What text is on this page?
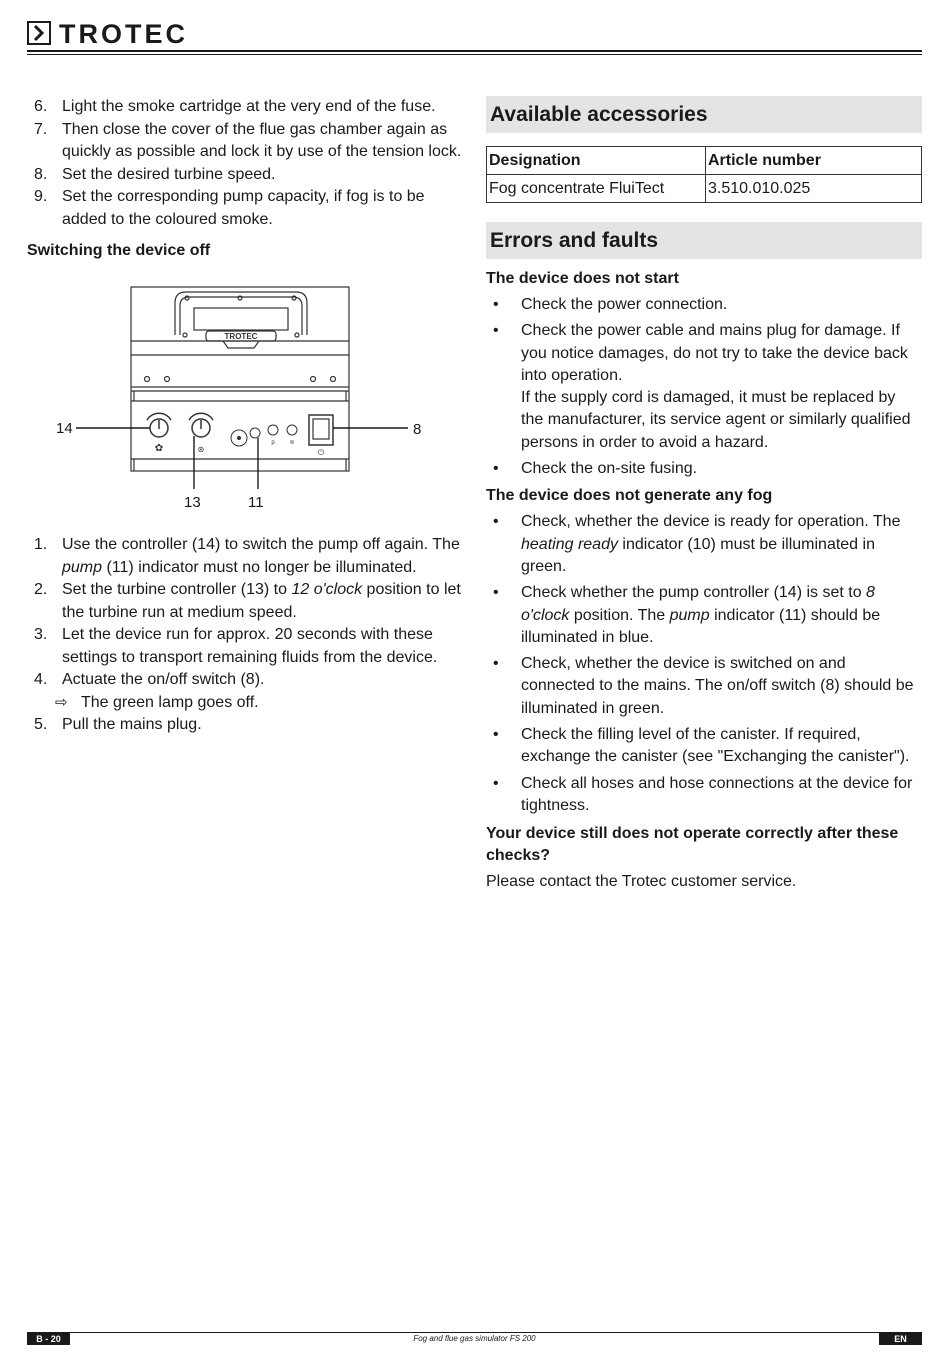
TROTEC
6. Light the smoke cartridge at the very end of the fuse.
7. Then close the cover of the flue gas chamber again as quickly as possible and lock it by use of the tension lock.
8. Set the desired turbine speed.
9. Set the corresponding pump capacity, if fog is to be added to the coloured smoke.

Switching the device off

1. Use the controller (14) to switch the pump off again. The pump (11) indicator must no longer be illuminated.
2. Set the turbine controller (13) to 12 o'clock position to let the turbine run at medium speed.
3. Let the device run for approx. 20 seconds with these settings to transport remaining fluids from the device.
4. Actuate the on/off switch (8).
⇨ The green lamp goes off.
5. Pull the mains plug.
TROTEC
✿	⊛
p ≋
⏻
14	8
13	11
Available accessories
Designation	Article number
Fog concentrate FluiTect	3.510.010.025
Errors and faults

The device does not start

• Check the power connection.
• Check the power cable and mains plug for damage. If you notice damages, do not try to take the device back into operation.
If the supply cord is damaged, it must be replaced by the manufacturer, its service agent or similarly qualified persons in order to avoid a hazard.
• Check the on-site fusing.

The device does not generate any fog

• Check, whether the device is ready for operation. The heating ready indicator (10) must be illuminated in green.
• Check whether the pump controller (14) is set to 8 o'clock position. The pump indicator (11) should be illuminated in blue.
• Check, whether the device is switched on and connected to the mains. The on/off switch (8) should be illuminated in green.
• Check the filling level of the canister. If required, exchange the canister (see "Exchanging the canister").
• Check all hoses and hose connections at the device for tightness.

Your device still does not operate correctly after these checks?

Please contact the Trotec customer service.

Fog and flue gas simulator FS 200
B - 20	EN
